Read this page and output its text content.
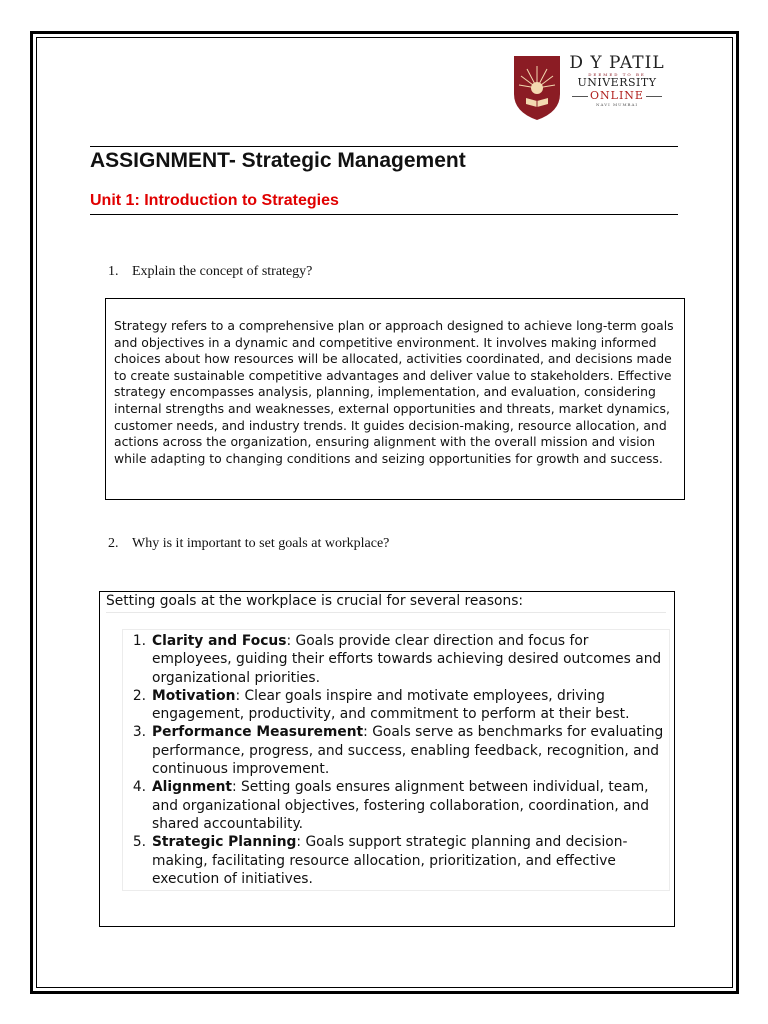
D Y PATIL
DEEMED TO BE
UNIVERSITY
ONLINE
NAVI MUMBAI
ASSIGNMENT- Strategic Management
Unit 1: Introduction to Strategies
1. Explain the concept of strategy?

Strategy refers to a comprehensive plan or approach designed to achieve long-term goals and objectives in a dynamic and competitive environment. It involves making informed choices about how resources will be allocated, activities coordinated, and decisions made to create sustainable competitive advantages and deliver value to stakeholders. Effective strategy encompasses analysis, planning, implementation, and evaluation, considering internal strengths and weaknesses, external opportunities and threats, market dynamics, customer needs, and industry trends. It guides decision-making, resource allocation, and actions across the organization, ensuring alignment with the overall mission and vision while adapting to changing conditions and seizing opportunities for growth and success.

2. Why is it important to set goals at workplace?
Setting goals at the workplace is crucial for several reasons:
1. Clarity and Focus: Goals provide clear direction and focus for employees, guiding their efforts towards achieving desired outcomes and organizational priorities.
2. Motivation: Clear goals inspire and motivate employees, driving engagement, productivity, and commitment to perform at their best.
3. Performance Measurement: Goals serve as benchmarks for evaluating performance, progress, and success, enabling feedback, recognition, and continuous improvement.
4. Alignment: Setting goals ensures alignment between individual, team, and organizational objectives, fostering collaboration, coordination, and shared accountability.
5. Strategic Planning: Goals support strategic planning and decision-making, facilitating resource allocation, prioritization, and effective execution of initiatives.
